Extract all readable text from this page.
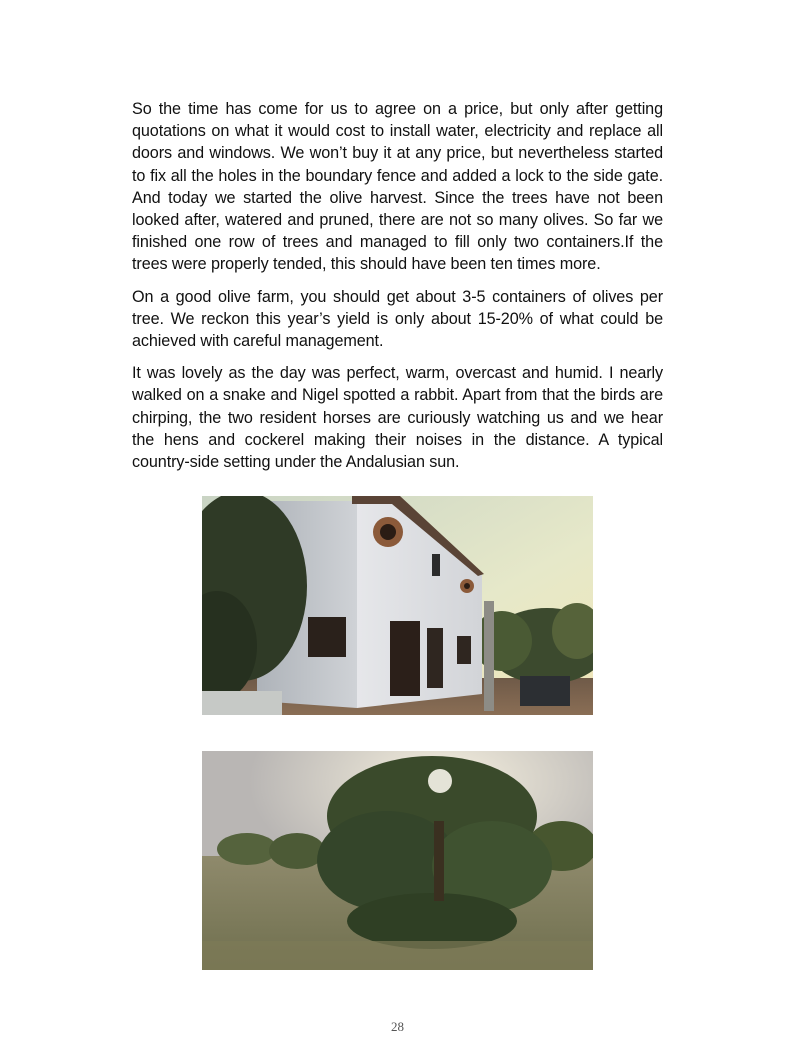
So the time has come for us to agree on a price, but only after getting quotations on what it would cost to install water, electricity and replace all doors and windows. We won’t buy it at any price, but nevertheless started to fix all the holes in the boundary fence and added a lock to the side gate. And today we started the olive harvest. Since the trees have not been looked after, watered and pruned, there are not so many olives. So far we finished one row of trees and managed to fill only two containers.If the trees were properly tended, this should have been ten times more.

On a good olive farm, you should get about 3-5 containers of olives per tree. We reckon this year’s yield is only about 15-20% of what could be achieved with careful management.

It was lovely as the day was perfect, warm, overcast and humid. I nearly walked on a snake and Nigel spotted a rabbit. Apart from that the birds are chirping, the two resident horses are curiously watching us and we hear the hens and cockerel making their noises in the distance. A typical country-side setting under the Andalusian sun.

28
